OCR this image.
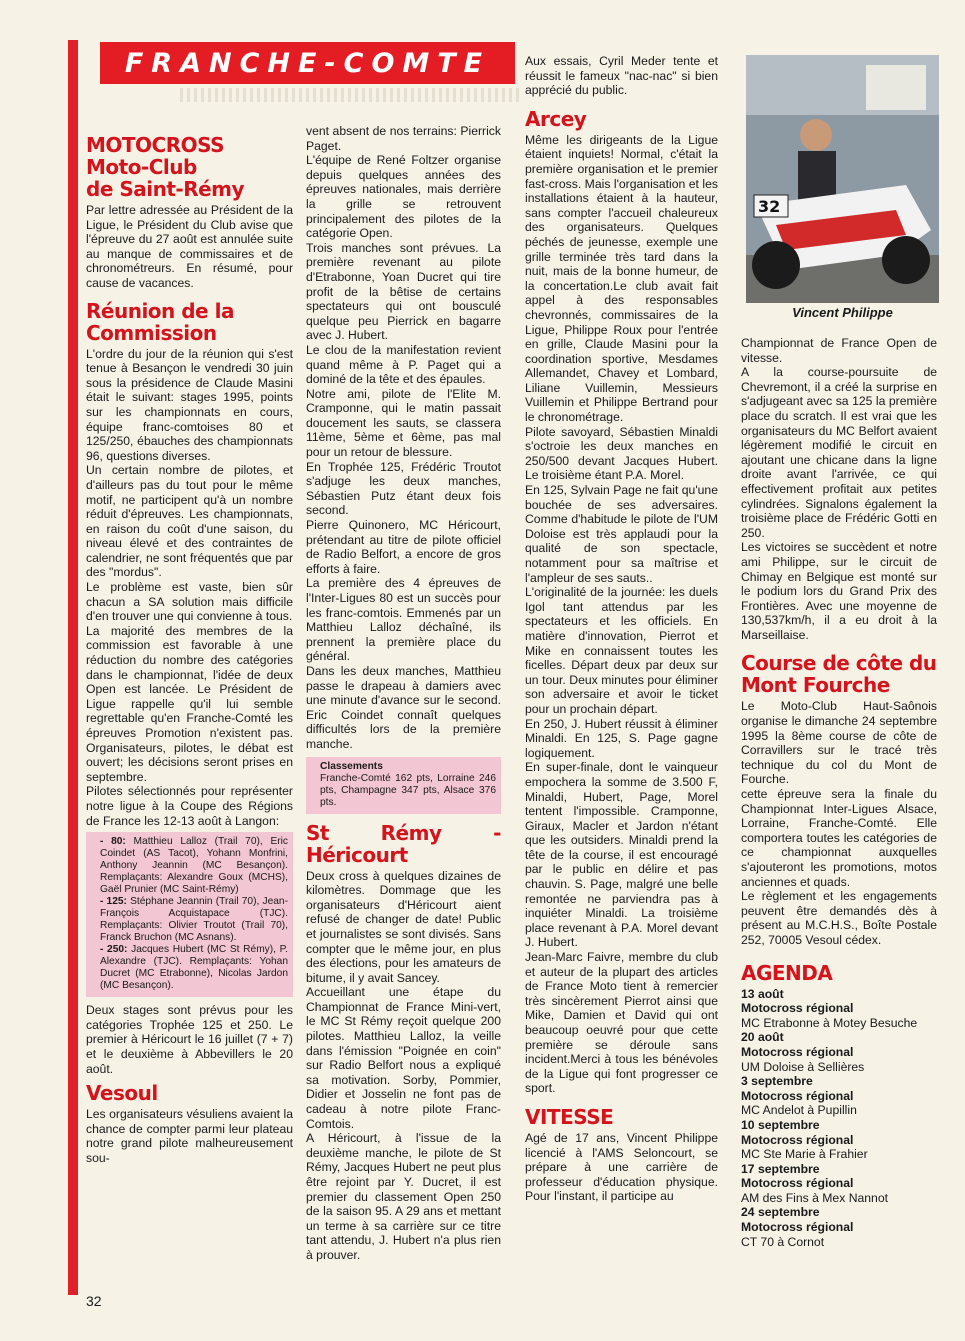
FRANCHE-COMTE
MOTOCROSS
Moto-Club
de Saint-Rémy

Par lettre adressée au Président de la Ligue, le Président du Club avise que l'épreuve du 27 août est annulée suite au manque de commissaires et de chronométreurs. En résumé, pour cause de vacances.

Réunion de la
Commission

L'ordre du jour de la réunion qui s'est tenue à Besançon le vendredi 30 juin sous la présidence de Claude Masini était le suivant: stages 1995, points sur les championnats en cours, équipe franc-comtoises 80 et 125/250, ébauches des championnats 96, questions diverses.

Un certain nombre de pilotes, et d'ailleurs pas du tout pour le même motif, ne participent qu'à un nombre réduit d'épreuves. Les championnats, en raison du coût d'une saison, du niveau élevé et des contraintes de calendrier, ne sont fréquentés que par des "mordus".

Le problème est vaste, bien sûr chacun a SA solution mais difficile d'en trouver une qui convienne à tous.

La majorité des membres de la commission est favorable à une réduction du nombre des catégories dans le championnat, l'idée de deux Open est lancée. Le Président de Ligue rappelle qu'il lui semble regrettable qu'en Franche-Comté les épreuves Promotion n'existent pas. Organisateurs, pilotes, le débat est ouvert; les décisions seront prises en septembre.

Pilotes sélectionnés pour représenter notre ligue à la Coupe des Régions de France les 12-13 août à Langon:

- 80: Matthieu Lalloz (Trail 70), Eric Coindet (AS Tacot), Yohann Monfrini, Anthony Jeannin (MC Besançon). Remplaçants: Alexandre Goux (MCHS), Gaël Prunier (MC Saint-Rémy)
- 125: Stéphane Jeannin (Trail 70), Jean-François Acquistapace (TJC). Remplaçants: Olivier Troutot (Trail 70), Franck Bruchon (MC Asnans).
- 250: Jacques Hubert (MC St Rémy), P. Alexandre (TJC). Remplaçants: Yohan Ducret (MC Etrabonne), Nicolas Jardon (MC Besançon).

Deux stages sont prévus pour les catégories Trophée 125 et 250. Le premier à Héricourt le 16 juillet (7 + 7) et le deuxième à Abbevillers le 20 août.

Vesoul

Les organisateurs vésuliens avaient la chance de compter parmi leur plateau notre grand pilote malheureusement sou-

vent absent de nos terrains: Pierrick Paget.

L'équipe de René Foltzer organise depuis quelques années des épreuves nationales, mais derrière la grille se retrouvent principalement des pilotes de la catégorie Open.

Trois manches sont prévues. La première revenant au pilote d'Etrabonne, Yoan Ducret qui tire profit de la bêtise de certains spectateurs qui ont bousculé quelque peu Pierrick en bagarre avec J. Hubert.

Le clou de la manifestation revient quand même à P. Paget qui a dominé de la tête et des épaules.

Notre ami, pilote de l'Elite M. Cramponne, qui le matin passait doucement les sauts, se classera 11ème, 5ème et 6ème, pas mal pour un retour de blessure.

En Trophée 125, Frédéric Troutot s'adjuge les deux manches, Sébastien Putz étant deux fois second.

Pierre Quinonero, MC Héricourt, prétendant au titre de pilote officiel de Radio Belfort, a encore de gros efforts à faire.

La première des 4 épreuves de l'Inter-Ligues 80 est un succès pour les franc-comtois. Emmenés par un Matthieu Lalloz déchaîné, ils prennent la première place du général.

Dans les deux manches, Matthieu passe le drapeau à damiers avec une minute d'avance sur le second. Eric Coindet connaît quelques difficultés lors de la première manche.

Classements
Franche-Comté 162 pts, Lorraine 246 pts, Champagne 347 pts, Alsace 376 pts.
St Rémy - Héricourt

Deux cross à quelques dizaines de kilomètres. Dommage que les organisateurs d'Héricourt aient refusé de changer de date! Public et journalistes se sont divisés. Sans compter que le même jour, en plus des élections, pour les amateurs de bitume, il y avait Sancey.

Accueillant une étape du Championnat de France Mini-vert, le MC St Rémy reçoit quelque 200 pilotes. Matthieu Lalloz, la veille dans l'émission "Poignée en coin" sur Radio Belfort nous a expliqué sa motivation. Sorby, Pommier, Didier et Josselin ne font pas de cadeau à notre pilote Franc-Comtois.

A Héricourt, à l'issue de la deuxième manche, le pilote de St Rémy, Jacques Hubert ne peut plus être rejoint par Y. Ducret, il est premier du classement Open 250 de la saison 95. A 29 ans et mettant un terme à sa carrière sur ce titre tant attendu, J. Hubert n'a plus rien à prouver.

Aux essais, Cyril Meder tente et réussit le fameux "nac-nac" si bien apprécié du public.

Arcey

Même les dirigeants de la Ligue étaient inquiets! Normal, c'était la première organisation et le premier fast-cross. Mais l'organisation et les installations étaient à la hauteur, sans compter l'accueil chaleureux des organisateurs. Quelques péchés de jeunesse, exemple une grille terminée très tard dans la nuit, mais de la bonne humeur, de la concertation.Le club avait fait appel à des responsables chevronnés, commissaires de la Ligue, Philippe Roux pour l'entrée en grille, Claude Masini pour la coordination sportive, Mesdames Allemandet, Chavey et Lombard, Liliane Vuillemin, Messieurs Vuillemin et Philippe Bertrand pour le chronométrage.

Pilote savoyard, Sébastien Minaldi s'octroie les deux manches en 250/500 devant Jacques Hubert. Le troisième étant P.A. Morel.

En 125, Sylvain Page ne fait qu'une bouchée de ses adversaires. Comme d'habitude le pilote de l'UM Doloise est très applaudi pour la qualité de son spectacle, notamment pour sa maîtrise et l'ampleur de ses sauts..

L'originalité de la journée: les duels Igol tant attendus par les spectateurs et les officiels. En matière d'innovation, Pierrot et Mike en connaissent toutes les ficelles. Départ deux par deux sur un tour. Deux minutes pour éliminer son adversaire et avoir le ticket pour un prochain départ.

En 250, J. Hubert réussit à éliminer Minaldi. En 125, S. Page gagne logiquement.

En super-finale, dont le vainqueur empochera la somme de 3.500 F, Minaldi, Hubert, Page, Morel tentent l'impossible. Cramponne, Giraux, Macler et Jardon n'étant que les outsiders. Minaldi prend la tête de la course, il est encouragé par le public en délire et pas chauvin. S. Page, malgré une belle remontée ne parviendra pas à inquiéter Minaldi. La troisième place revenant à P.A. Morel devant J. Hubert.

Jean-Marc Faivre, membre du club et auteur de la plupart des articles de France Moto tient à remercier très sincèrement Pierrot ainsi que Mike, Damien et David qui ont beaucoup oeuvré pour que cette première se déroule sans incident.Merci à tous les bénévoles de la Ligue qui font progresser ce sport.

VITESSE

Agé de 17 ans, Vincent Philippe licencié à l'AMS Seloncourt, se prépare à une carrière de professeur d'éducation physique. Pour l'instant, il participe au

32
Vincent Philippe

Championnat de France Open de vitesse.

A la course-poursuite de Chevremont, il a créé la surprise en s'adjugeant avec sa 125 la première place du scratch. Il est vrai que les organisateurs du MC Belfort avaient légèrement modifié le circuit en ajoutant une chicane dans la ligne droite avant l'arrivée, ce qui effectivement profitait aux petites cylindrées. Signalons également la troisième place de Frédéric Gotti en 250.

Les victoires se succèdent et notre ami Philippe, sur le circuit de Chimay en Belgique est monté sur le podium lors du Grand Prix des Frontières. Avec une moyenne de 130,537km/h, il a eu droit à la Marseillaise.

Course de côte du
Mont Fourche

Le Moto-Club Haut-Saônois organise le dimanche 24 septembre 1995 la 8ème course de côte de Corravillers sur le tracé très technique du col du Mont de Fourche.

cette épreuve sera la finale du Championnat Inter-Ligues Alsace, Lorraine, Franche-Comté. Elle comportera toutes les catégories de ce championnat auxquelles s'ajouteront les promotions, motos anciennes et quads.

Le règlement et les engagements peuvent être demandés dès à présent au M.C.H.S., Boîte Postale 252, 70005 Vesoul cédex.

AGENDA
13 août
Motocross régional
MC Etrabonne à Motey Besuche
20 août
Motocross régional
UM Doloise à Sellières
3 septembre
Motocross régional
MC Andelot à Pupillin
10 septembre
Motocross régional
MC Ste Marie à Frahier
17 septembre
Motocross régional
AM des Fins à Mex Nannot
24 septembre
Motocross régional
CT 70 à Cornot
32
